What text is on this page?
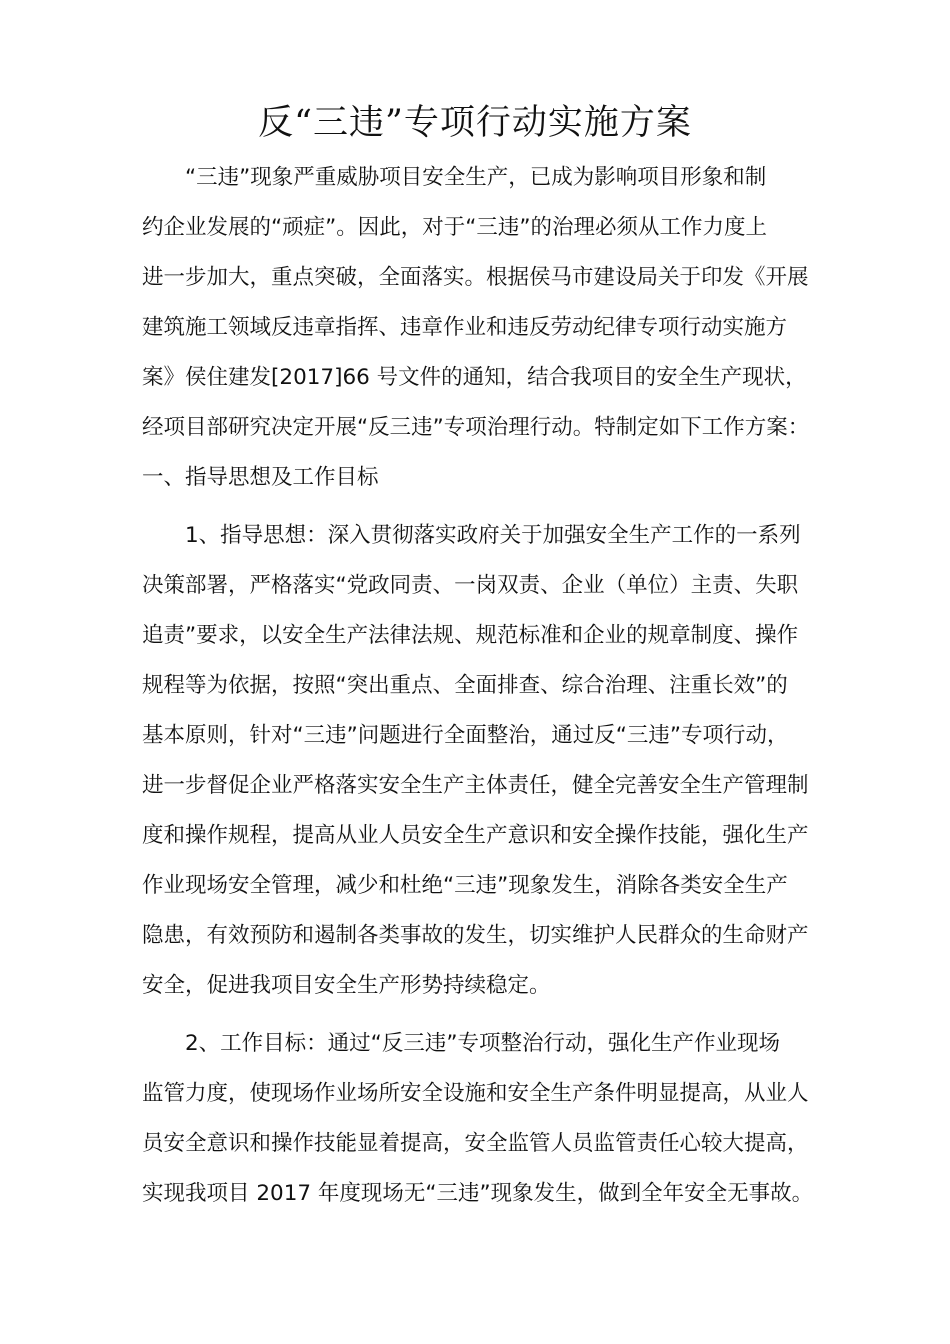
反“三违”专项行动实施方案
　　“三违”现象严重威胁项目安全生产，已成为影响项目形象和制
约企业发展的“顽症”。因此，对于“三违”的治理必须从工作力度上
进一步加大，重点突破，全面落实。根据侯马市建设局关于印发《开展
建筑施工领域反违章指挥、违章作业和违反劳动纪律专项行动实施方
案》侯住建发[2017]66 号文件的通知，结合我项目的安全生产现状，
经项目部研究决定开展“反三违”专项治理行动。特制定如下工作方案：
一、指导思想及工作目标
　　1、指导思想：深入贯彻落实政府关于加强安全生产工作的一系列
决策部署，严格落实“党政同责、一岗双责、企业（单位）主责、失职
追责”要求，以安全生产法律法规、规范标准和企业的规章制度、操作
规程等为依据，按照“突出重点、全面排查、综合治理、注重长效”的
基本原则，针对“三违”问题进行全面整治，通过反“三违”专项行动，
进一步督促企业严格落实安全生产主体责任，健全完善安全生产管理制
度和操作规程，提高从业人员安全生产意识和安全操作技能，强化生产
作业现场安全管理，减少和杜绝“三违”现象发生，消除各类安全生产
隐患，有效预防和遏制各类事故的发生，切实维护人民群众的生命财产
安全，促进我项目安全生产形势持续稳定。
　　2、工作目标：通过“反三违”专项整治行动，强化生产作业现场
监管力度，使现场作业场所安全设施和安全生产条件明显提高，从业人
员安全意识和操作技能显着提高，安全监管人员监管责任心较大提高，
实现我项目 2017 年度现场无“三违”现象发生，做到全年安全无事故。
